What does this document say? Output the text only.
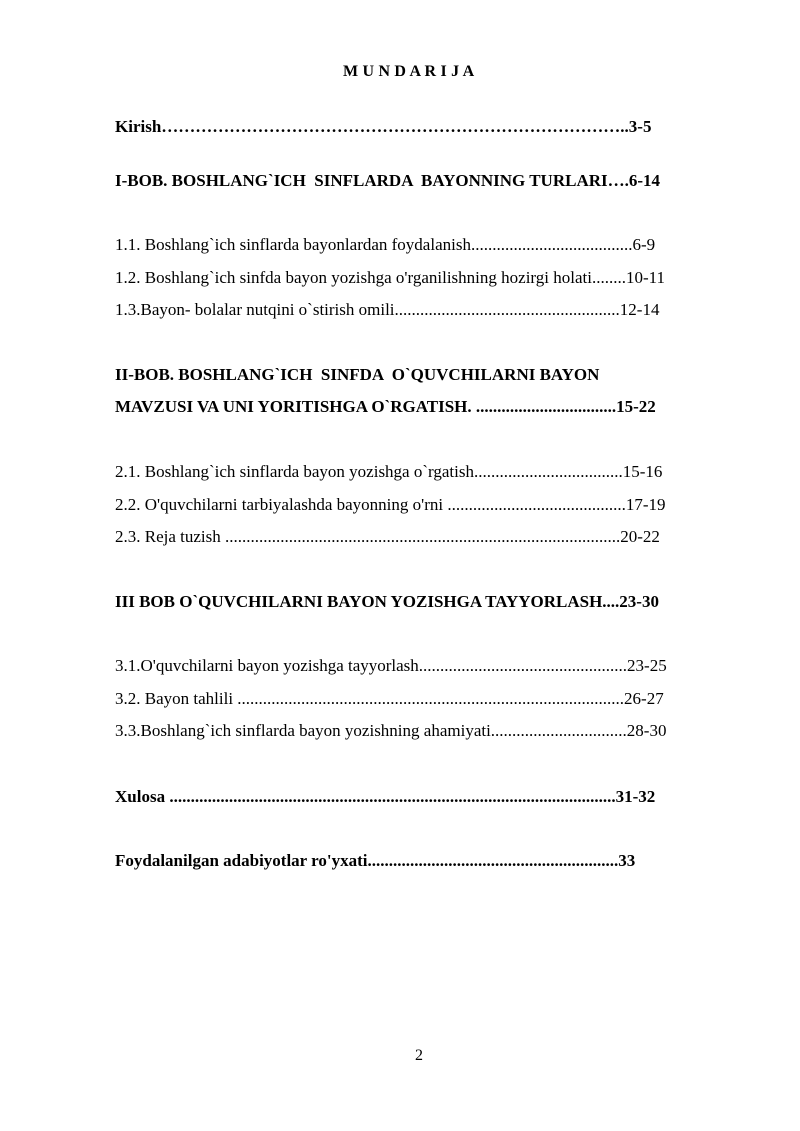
M U N D A R I J A
Kirish………………………………………………………………………..3-5
I-BOB. BOSHLANG`ICH  SINFLARDA  BAYONNING TURLARI….6-14
1.1. Boshlang`ich sinflarda bayonlardan foydalanish......................................6-9
1.2. Boshlang`ich sinfda bayon yozishga o'rganilishning hozirgi holati........10-11
1.3.Bayon- bolalar nutqini o`stirish omili.....................................................12-14
II-BOB. BOSHLANG`ICH  SINFDA  O`QUVCHILARNI BAYON
MAVZUSI VA UNI YORITISHGA O`RGATISH. .................................15-22
2.1. Boshlang`ich sinflarda bayon yozishga o`rgatish...................................15-16
2.2. O'quvchilarni tarbiyalashda bayonning o'rni ..........................................17-19
2.3. Reja tuzish .............................................................................................20-22
III BOB O`QUVCHILARNI BAYON YOZISHGA TAYYORLASH....23-30
3.1.O'quvchilarni bayon yozishga tayyorlash.................................................23-25
3.2. Bayon tahlili ...........................................................................................26-27
3.3.Boshlang`ich sinflarda bayon yozishning ahamiyati................................28-30
Xulosa .........................................................................................................31-32
Foydalanilgan adabiyotlar ro'yxati...........................................................33
2
